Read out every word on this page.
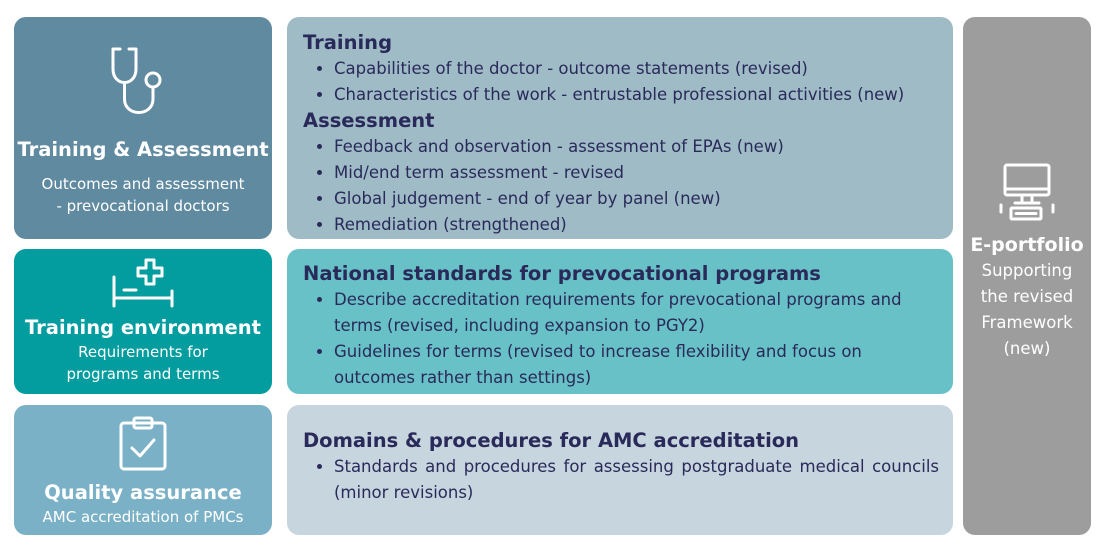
Training & Assessment
Outcomes and assessment
- prevocational doctors
Training
• Capabilities of the doctor - outcome statements (revised)
• Characteristics of the work - entrustable professional activities (new)
Assessment
• Feedback and observation - assessment of EPAs (new)
• Mid/end term assessment - revised
• Global judgement - end of year by panel (new)
• Remediation (strengthened)
Training environment
Requirements for
programs and terms
National standards for prevocational programs
• Describe accreditation requirements for prevocational programs and terms (revised, including expansion to PGY2)
• Guidelines for terms (revised to increase flexibility and focus on outcomes rather than settings)
Quality assurance
AMC accreditation of PMCs
Domains & procedures for AMC accreditation
• Standards and procedures for assessing postgraduate medical councils (minor revisions)
E-portfolio
Supporting
the revised
Framework
(new)
